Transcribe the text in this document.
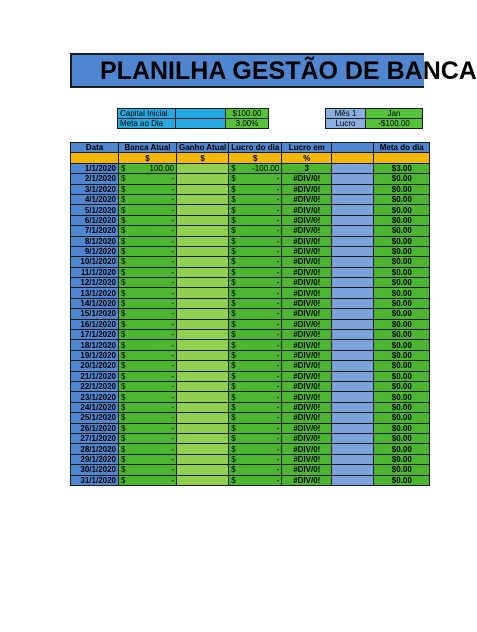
PLANILHA GESTÃO DE BANCA
Capital Inicial		$100.00
Meta ao Dia		3.00%
Mês 1	Jan
Lucro	-$100.00
Data	Banca Atual	Ganho Atual	Lucro do dia	Lucro em		Meta do dia
	$	$	$	%		
1/1/2020	$ 100.00		$ -100.00	3		$3.00
2/1/2020	$ -		$ -	#DIV/0!		$0.00
3/1/2020	$ -		$ -	#DIV/0!		$0.00
4/1/2020	$ -		$ -	#DIV/0!		$0.00
5/1/2020	$ -		$ -	#DIV/0!		$0.00
6/1/2020	$ -		$ -	#DIV/0!		$0.00
7/1/2020	$ -		$ -	#DIV/0!		$0.00
8/1/2020	$ -		$ -	#DIV/0!		$0.00
9/1/2020	$ -		$ -	#DIV/0!		$0.00
10/1/2020	$ -		$ -	#DIV/0!		$0.00
11/1/2020	$ -		$ -	#DIV/0!		$0.00
12/1/2020	$ -		$ -	#DIV/0!		$0.00
13/1/2020	$ -		$ -	#DIV/0!		$0.00
14/1/2020	$ -		$ -	#DIV/0!		$0.00
15/1/2020	$ -		$ -	#DIV/0!		$0.00
16/1/2020	$ -		$ -	#DIV/0!		$0.00
17/1/2020	$ -		$ -	#DIV/0!		$0.00
18/1/2020	$ -		$ -	#DIV/0!		$0.00
19/1/2020	$ -		$ -	#DIV/0!		$0.00
20/1/2020	$ -		$ -	#DIV/0!		$0.00
21/1/2020	$ -		$ -	#DIV/0!		$0.00
22/1/2020	$ -		$ -	#DIV/0!		$0.00
23/1/2020	$ -		$ -	#DIV/0!		$0.00
24/1/2020	$ -		$ -	#DIV/0!		$0.00
25/1/2020	$ -		$ -	#DIV/0!		$0.00
26/1/2020	$ -		$ -	#DIV/0!		$0.00
27/1/2020	$ -		$ -	#DIV/0!		$0.00
28/1/2020	$ -		$ -	#DIV/0!		$0.00
29/1/2020	$ -		$ -	#DIV/0!		$0.00
30/1/2020	$ -		$ -	#DIV/0!		$0.00
31/1/2020	$ -		$ -	#DIV/0!		$0.00
